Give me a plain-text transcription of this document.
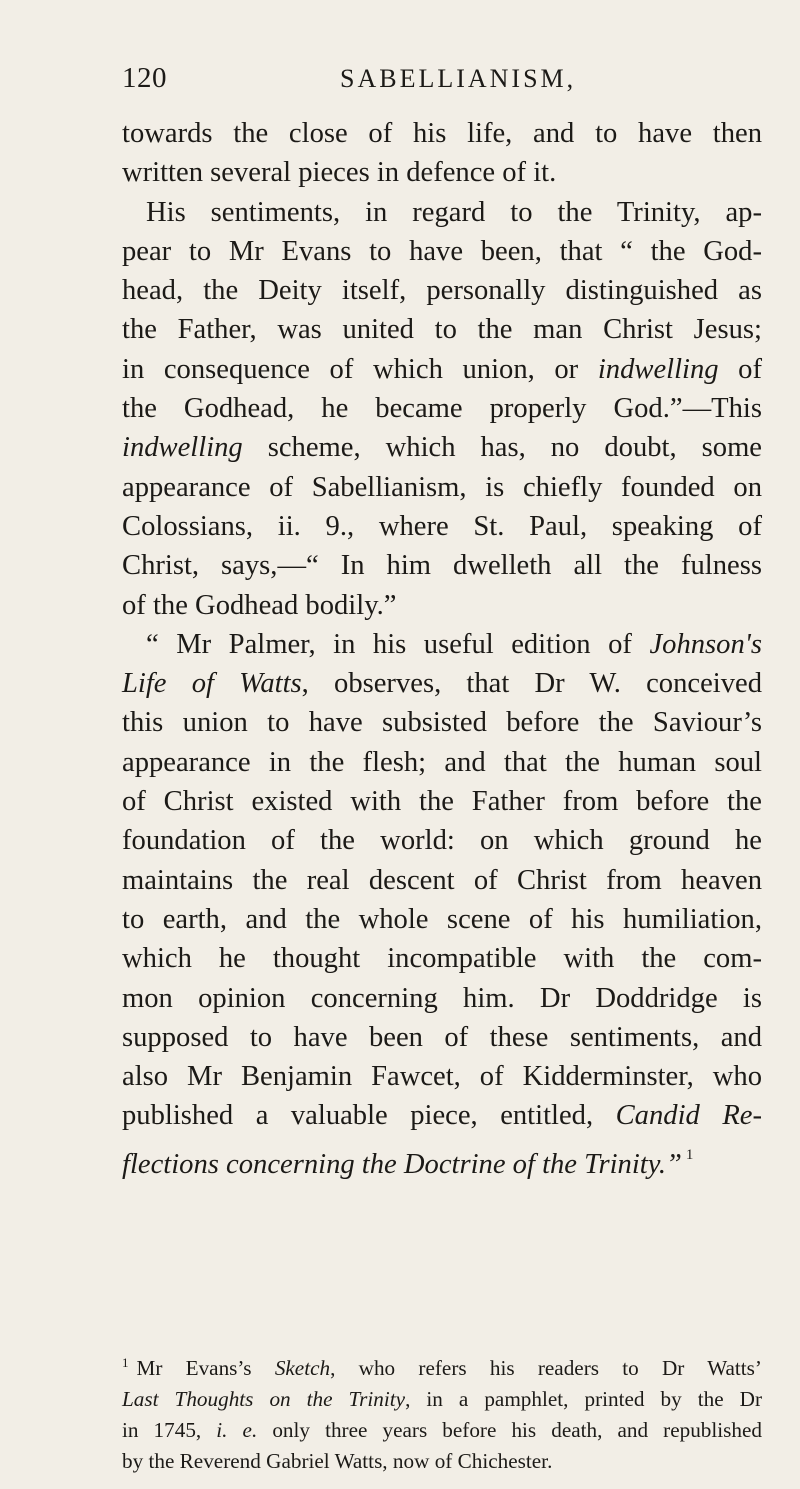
120	SABELLIANISM,

towards the close of his life, and to have then

written several pieces in defence of it.

His sentiments, in regard to the Trinity, ap-

pear to Mr Evans to have been, that “ the God-

head, the Deity itself, personally distinguished as

the Father, was united to the man Christ Jesus;

in consequence of which union, or indwelling of

the Godhead, he became properly God.”—This

indwelling scheme, which has, no doubt, some

appearance of Sabellianism, is chiefly founded on

Colossians, ii. 9., where St. Paul, speaking of

Christ, says,—“ In him dwelleth all the fulness

of the Godhead bodily.”

“ Mr Palmer, in his useful edition of Johnson's

Life of Watts, observes, that Dr W. conceived

this union to have subsisted before the Saviour’s

appearance in the flesh; and that the human soul

of Christ existed with the Father from before the

foundation of the world: on which ground he

maintains the real descent of Christ from heaven

to earth, and the whole scene of his humiliation,

which he thought incompatible with the com-

mon opinion concerning him. Dr Doddridge is

supposed to have been of these sentiments, and

also Mr Benjamin Fawcet, of Kidderminster, who

published a valuable piece, entitled, Candid Re-

flections concerning the Doctrine of the Trinity.” $^1$

$^1$ Mr Evans’s Sketch, who refers his readers to Dr Watts’

Last Thoughts on the Trinity, in a pamphlet, printed by the Dr

in 1745, i. e. only three years before his death, and republished

by the Reverend Gabriel Watts, now of Chichester.
